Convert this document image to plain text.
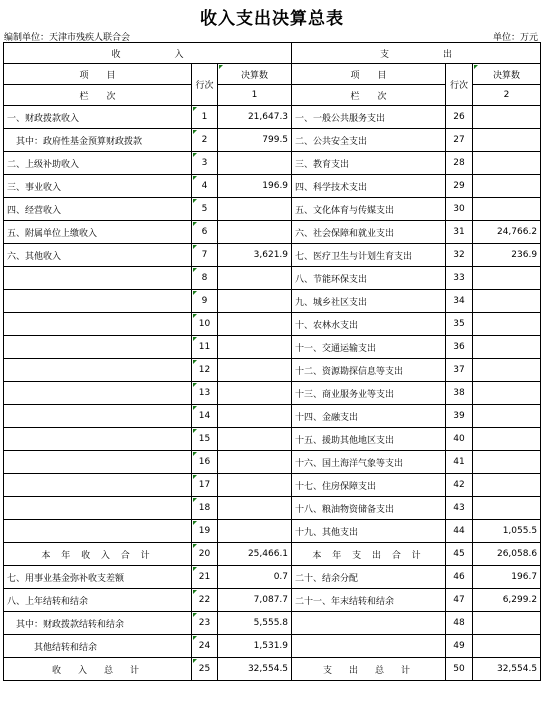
收入支出决算总表
编制单位：天津市残疾人联合会	单位：万元
收　　　　　　入			支　　　　　　出		
项　　目	行次	决算数	项　　目	行次	决算数
栏　　次		1	栏　　次		2
一、财政拨款收入	1	21,647.3	一、一般公共服务支出	26	
　其中：政府性基金预算财政拨款	2	799.5	二、公共安全支出	27	
二、上级补助收入	3		三、教育支出	28	
三、事业收入	4	196.9	四、科学技术支出	29	
四、经营收入	5		五、文化体育与传媒支出	30	
五、附属单位上缴收入	6		六、社会保障和就业支出	31	24,766.2
六、其他收入	7	3,621.9	七、医疗卫生与计划生育支出	32	236.9
	8		八、节能环保支出	33	
	9		九、城乡社区支出	34	
	10		十、农林水支出	35	
	11		十一、交通运输支出	36	
	12		十二、资源勘探信息等支出	37	
	13		十三、商业服务业等支出	38	
	14		十四、金融支出	39	
	15		十五、援助其他地区支出	40	
	16		十六、国土海洋气象等支出	41	
	17		十七、住房保障支出	42	
	18		十八、粮油物资储备支出	43	
	19		十九、其他支出	44	1,055.5
本 年 收 入 合 计	20	25,466.1	本 年 支 出 合 计	45	26,058.6
七、用事业基金弥补收支差额	21	0.7	二十、结余分配	46	196.7
八、上年结转和结余	22	7,087.7	二十一、年末结转和结余	47	6,299.2
　其中：财政拨款结转和结余	23	5,555.8		48	
　　　其他结转和结余	24	1,531.9		49	
收　入　总　计	25	32,554.5	支　出　总　计	50	32,554.5
